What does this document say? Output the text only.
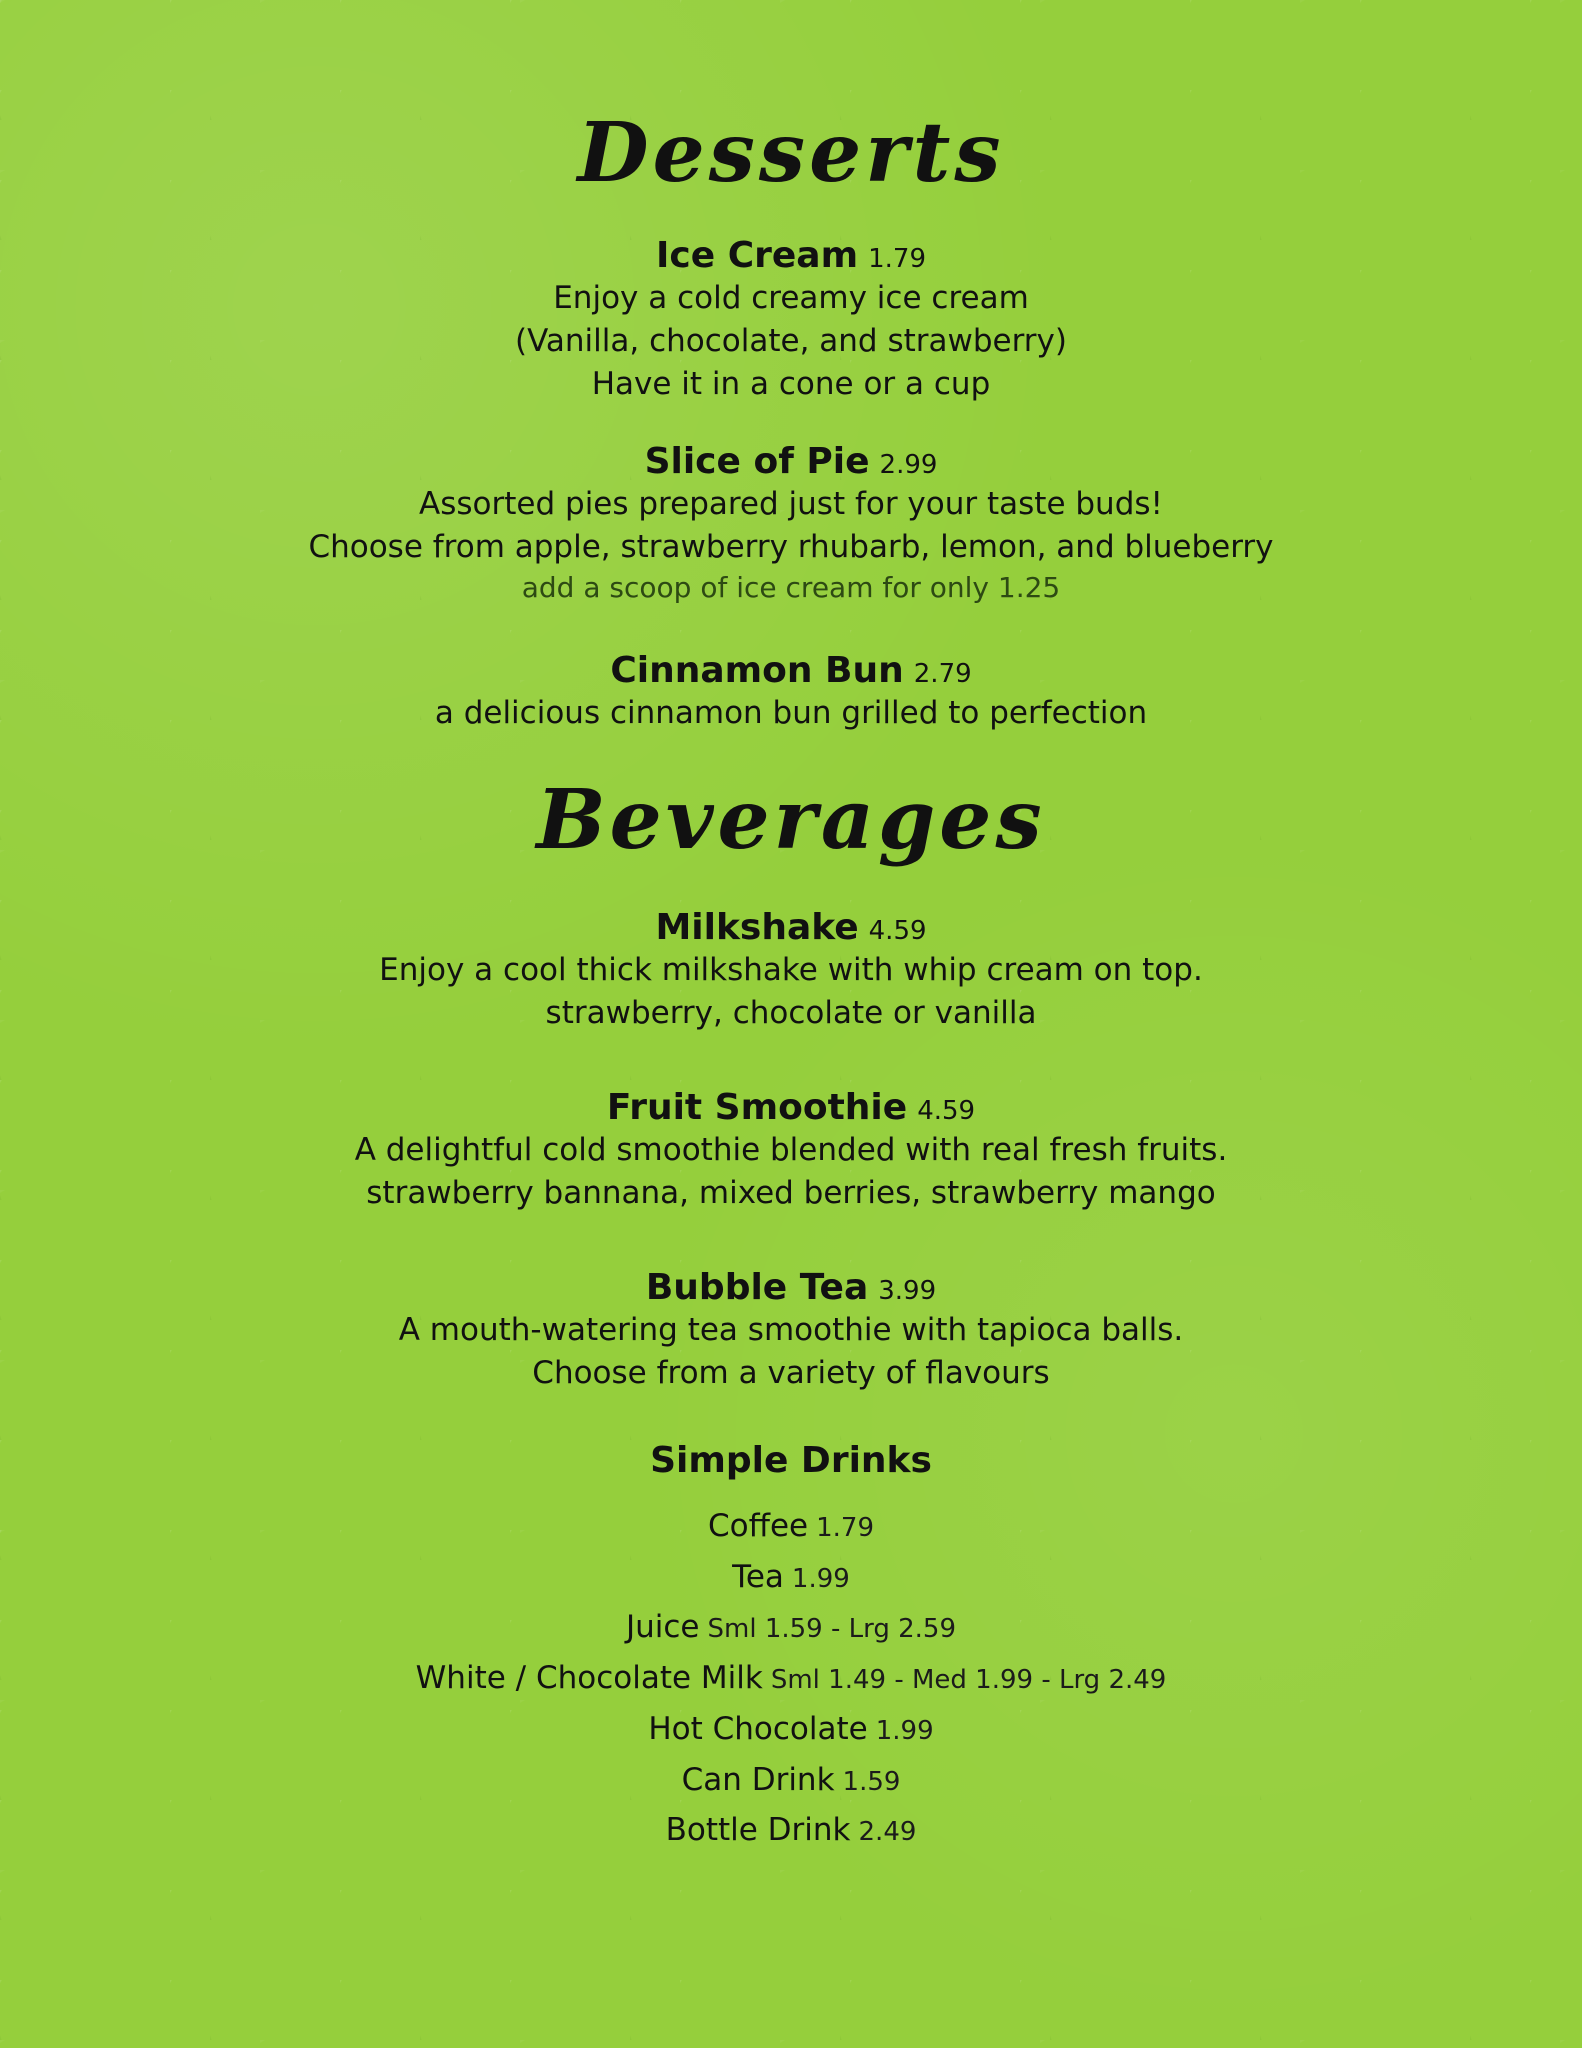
Desserts

Ice Cream 1.79

Enjoy a cold creamy ice cream

(Vanilla, chocolate, and strawberry)

Have it in a cone or a cup

Slice of Pie 2.99

Assorted pies prepared just for your taste buds!

Choose from apple, strawberry rhubarb, lemon, and blueberry

add a scoop of ice cream for only 1.25

Cinnamon Bun 2.79

a delicious cinnamon bun grilled to perfection

Beverages

Milkshake 4.59

Enjoy a cool thick milkshake with whip cream on top.

strawberry, chocolate or vanilla

Fruit Smoothie 4.59

A delightful cold smoothie blended with real fresh fruits.

strawberry bannana, mixed berries, strawberry mango

Bubble Tea 3.99

A mouth-watering tea smoothie with tapioca balls.

Choose from a variety of flavours

Simple Drinks
Coffee 1.79
Tea 1.99
Juice Sml 1.59 - Lrg 2.59
White / Chocolate Milk Sml 1.49 - Med 1.99 - Lrg 2.49
Hot Chocolate 1.99
Can Drink 1.59
Bottle Drink 2.49
